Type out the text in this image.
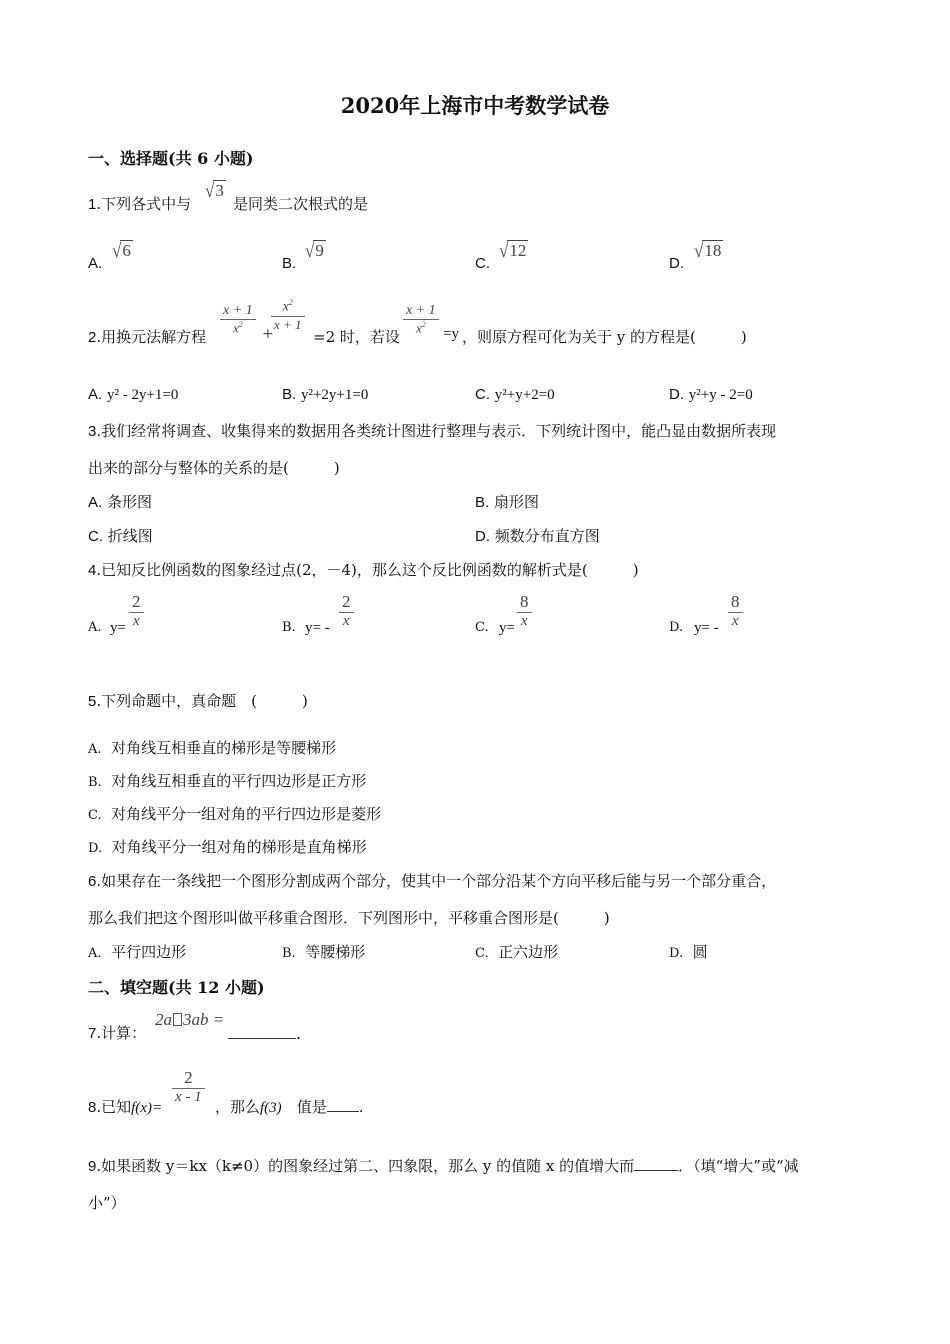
2020年上海市中考数学试卷
一、选择题(共 6 小题)
1.下列各式中与
√3
是同类二次根式的是
A.
√6
B.
√9
C.
√12
D.
√18
2.用换元法解方程
x + 1
$x^2$
+
$x^2$
x + 1
=2 时，若设
x + 1
$x^2$
=y ，则原方程可化为关于 y 的方程是(　　　)
A. y² - 2y+1=0	B. y²+2y+1=0	C. y²+y+2=0	D. y²+y - 2=0
3.我们经常将调查、收集得来的数据用各类统计图进行整理与表示．下列统计图中，能凸显由数据所表现
出来的部分与整体的关系的是(　　　)
A. 条形图	B. 扇形图
C. 折线图	D. 频数分布直方图
4.已知反比例函数的图象经过点(2，－4)，那么这个反比例函数的解析式是(　　　)
A. y=
2
x	B. y= -
2
x	C. y=
8
x	D. y= -
8
x
5.下列命题中，真命题　(　　　)
A. 对角线互相垂直的梯形是等腰梯形
B. 对角线互相垂直的平行四边形是正方形
C. 对角线平分一组对角的平行四边形是菱形
D. 对角线平分一组对角的梯形是直角梯形
6.如果存在一条线把一个图形分割成两个部分，使其中一个部分沿某个方向平移后能与另一个部分重合，
那么我们把这个图形叫做平移重合图形．下列图形中，平移重合图形是(　　　)
A. 平行四边形	B. 等腰梯形	C. 正六边形	D. 圆
二、填空题(共 12 小题)
7.计算：
2a 3ab =
.
8.已知f(x)=
2
x - 1
，那么f(3)　值是 .
9.如果函数 y＝kx（k≠0）的图象经过第二、四象限，那么 y 的值随 x 的值增大而	．（填“增大”或“减
小”）
